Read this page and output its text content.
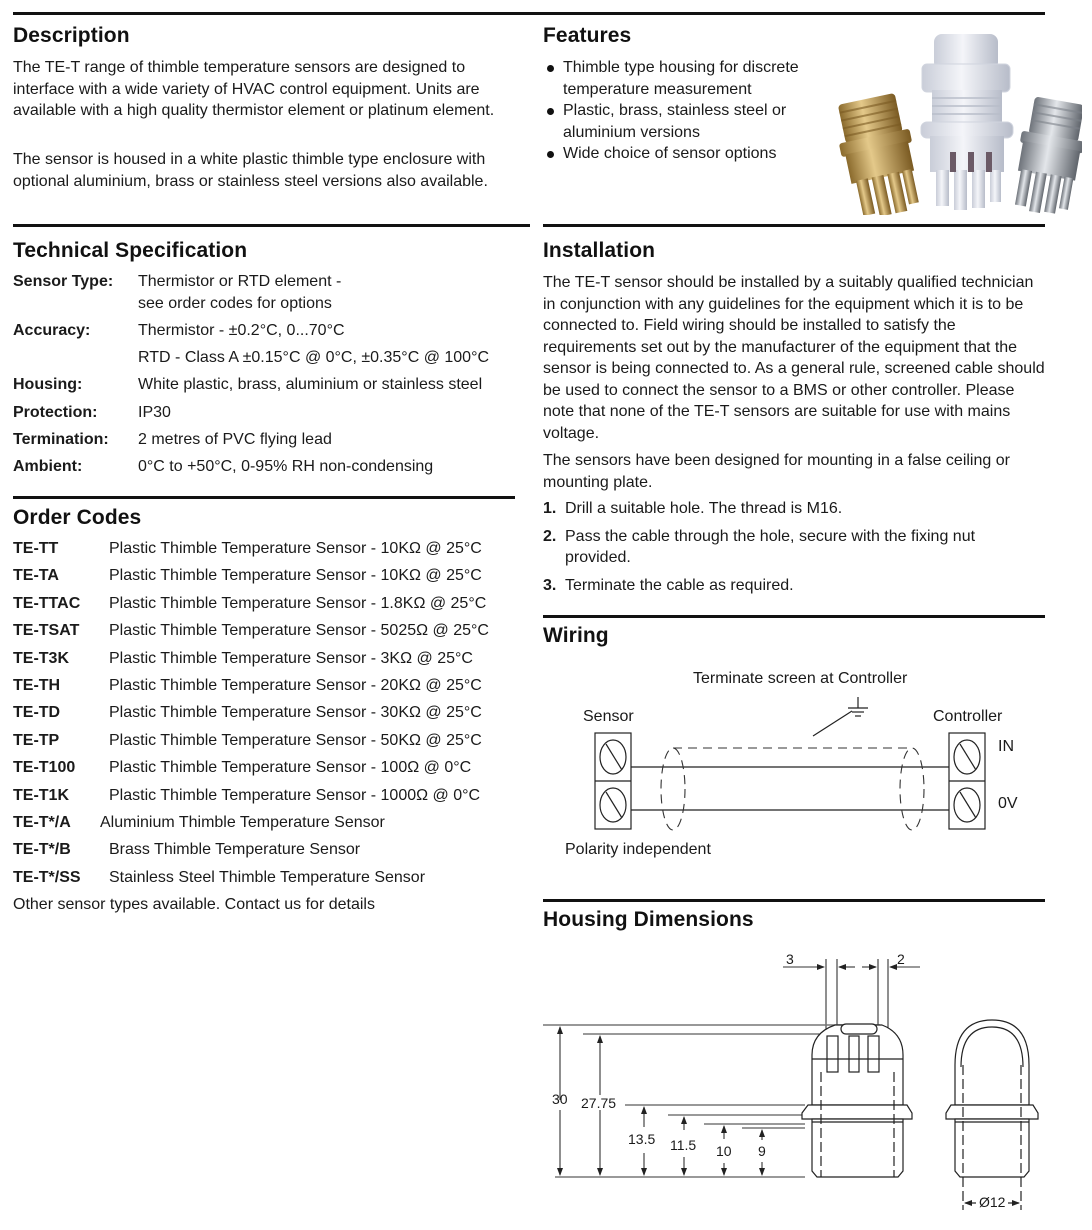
Description

The TE-T range of thimble temperature sensors are designed to interface with a wide variety of HVAC control equipment. Units are available with a high quality thermistor element or platinum element.

The sensor is housed in a white plastic thimble type enclosure with optional aluminium, brass or stainless steel versions also available.

Features
Thimble type housing for discrete temperature measurement
Plastic, brass, stainless steel or aluminium versions
Wide choice of sensor options
Technical Specification
Sensor Type:	Thermistor or RTD element -
see order codes for options
Accuracy:	Thermistor - ±0.2°C, 0...70°C
RTD - Class A ±0.15°C @ 0°C, ±0.35°C @ 100°C
Housing:	White plastic, brass, aluminium or stainless steel
Protection:	IP30
Termination:	2 metres of PVC flying lead
Ambient:	0°C to +50°C, 0-95% RH non-condensing
Order Codes
TE-TT	Plastic Thimble Temperature Sensor - 10KΩ @ 25°C
TE-TA	Plastic Thimble Temperature Sensor - 10KΩ @ 25°C
TE-TTAC	Plastic Thimble Temperature Sensor - 1.8KΩ @ 25°C
TE-TSAT	Plastic Thimble Temperature Sensor - 5025Ω @ 25°C
TE-T3K	Plastic Thimble Temperature Sensor - 3KΩ @ 25°C
TE-TH	Plastic Thimble Temperature Sensor - 20KΩ @ 25°C
TE-TD	Plastic Thimble Temperature Sensor - 30KΩ @ 25°C
TE-TP	Plastic Thimble Temperature Sensor - 50KΩ @ 25°C
TE-T100	Plastic Thimble Temperature Sensor - 100Ω @ 0°C
TE-T1K	Plastic Thimble Temperature Sensor - 1000Ω @ 0°C
TE-T*/A	Aluminium Thimble Temperature Sensor
TE-T*/B	Brass Thimble Temperature Sensor
TE-T*/SS	Stainless Steel Thimble Temperature Sensor
Other sensor types available. Contact us for details
Installation

The TE-T sensor should be installed by a suitably qualified technician in conjunction with any guidelines for the equipment which it is to be connected to. Field wiring should be installed to satisfy the requirements set out by the manufacturer of the equipment that the sensor is being connected to. As a general rule, screened cable should be used to connect the sensor to a BMS or other controller. Please note that none of the TE-T sensors are suitable for use with mains voltage.

The sensors have been designed for mounting in a false ceiling or mounting plate.

1. Drill a suitable hole. The thread is M16.
2. Pass the cable through the hole, secure with the fixing nut provided.
3. Terminate the cable as required.
Wiring
Terminate screen at Controller
Sensor	Controller
IN
0V
Polarity independent
Housing Dimensions
3	2
30 27.75
13.5 11.5 10 9
Ø12
